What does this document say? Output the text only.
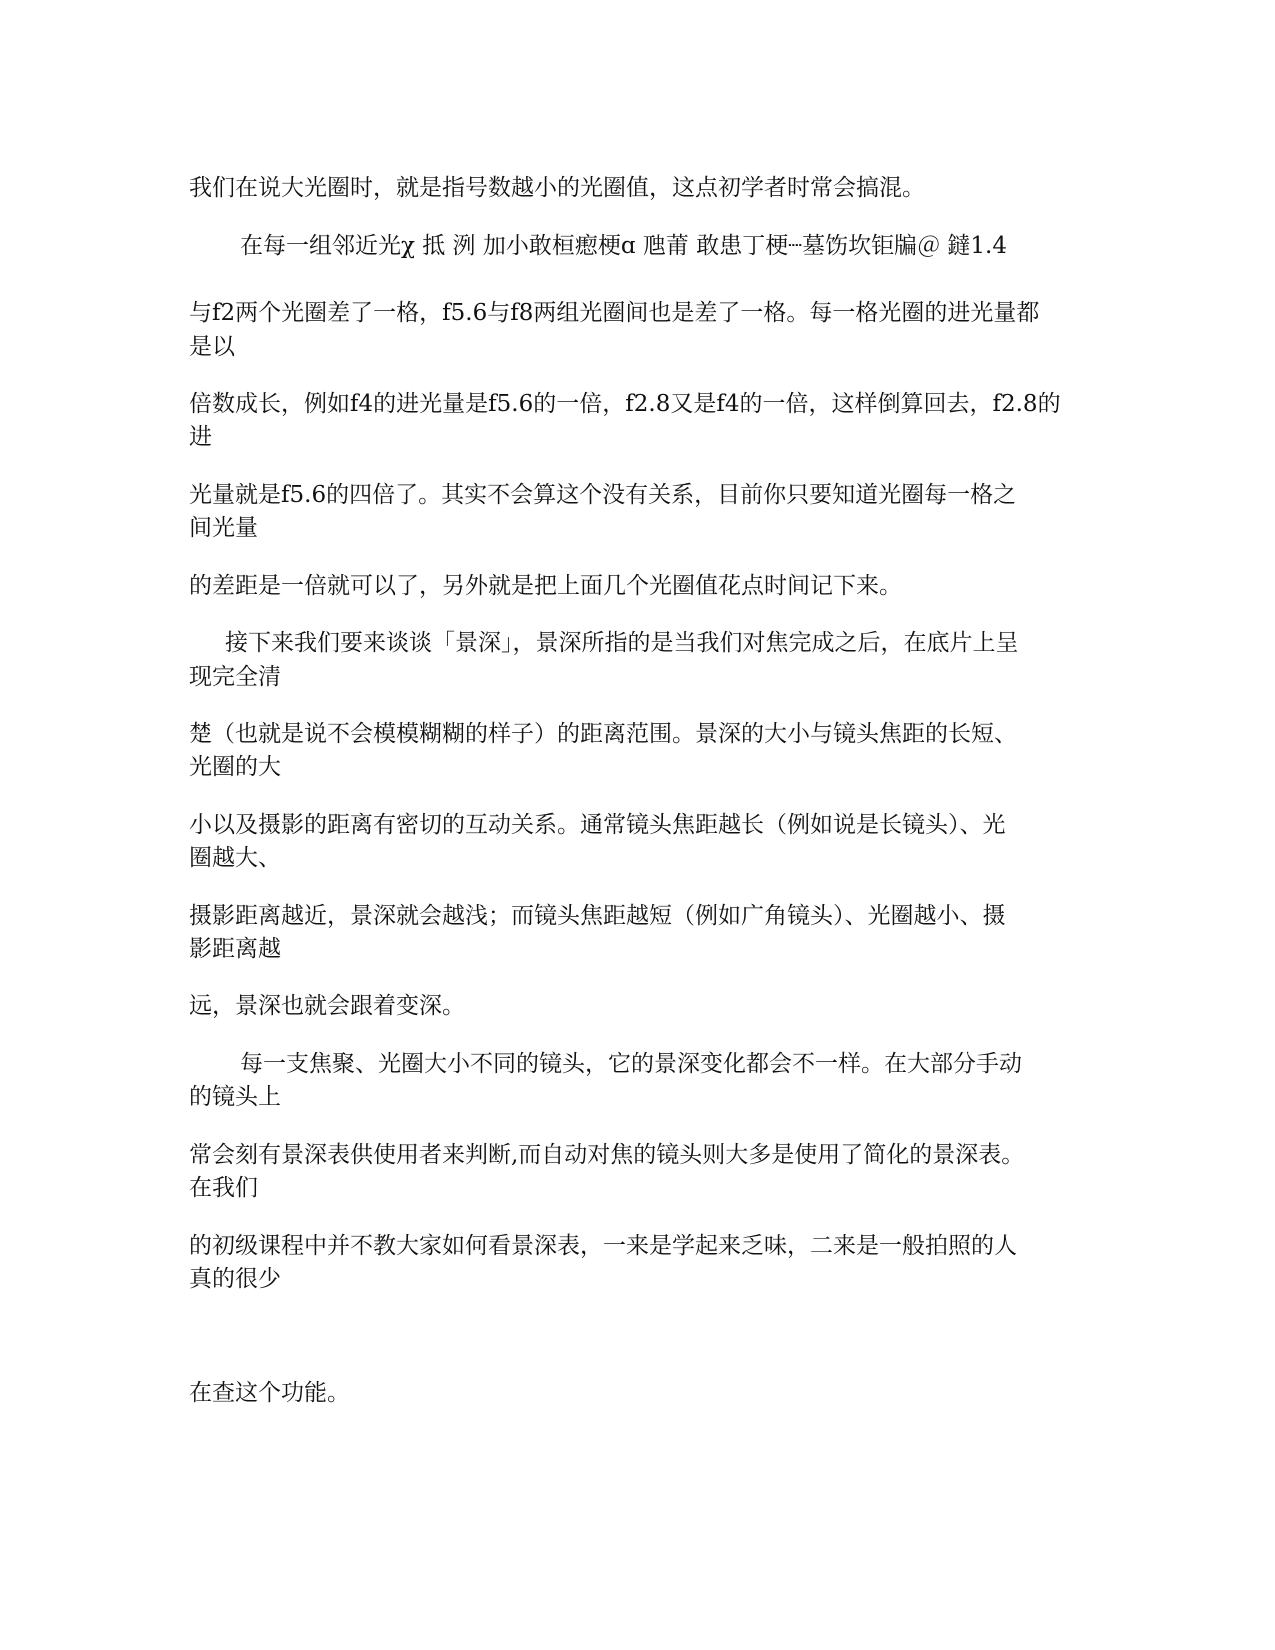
我们在说大光圈时，就是指号数越小的光圈值，这点初学者时常会搞混。

在每一组邻近光χ 抵 洌 加小敢桓瘛梗ɑ 虺莆 敢患丁梗┈墓饬坎钜牑＠ 鐽1.4

与f2两个光圈差了一格，f5.6与f8两组光圈间也是差了一格。每一格光圈的进光量都

是以

倍数成长，例如f4的进光量是f5.6的一倍，f2.8又是f4的一倍，这样倒算回去，f2.8的

进

光量就是f5.6的四倍了。其实不会算这个没有关系，目前你只要知道光圈每一格之

间光量

的差距是一倍就可以了，另外就是把上面几个光圈值花点时间记下来。

接下来我们要来谈谈「景深」，景深所指的是当我们对焦完成之后，在底片上呈

现完全清

楚（也就是说不会模模糊糊的样子）的距离范围。景深的大小与镜头焦距的长短、

光圈的大

小以及摄影的距离有密切的互动关系。通常镜头焦距越长（例如说是长镜头）、光

圈越大、

摄影距离越近，景深就会越浅；而镜头焦距越短（例如广角镜头）、光圈越小、摄

影距离越

远，景深也就会跟着变深。

每一支焦聚、光圈大小不同的镜头，它的景深变化都会不一样。在大部分手动

的镜头上

常会刻有景深表供使用者来判断,而自动对焦的镜头则大多是使用了简化的景深表。

在我们

的初级课程中并不教大家如何看景深表，一来是学起来乏味，二来是一般拍照的人

真的很少

在查这个功能。
